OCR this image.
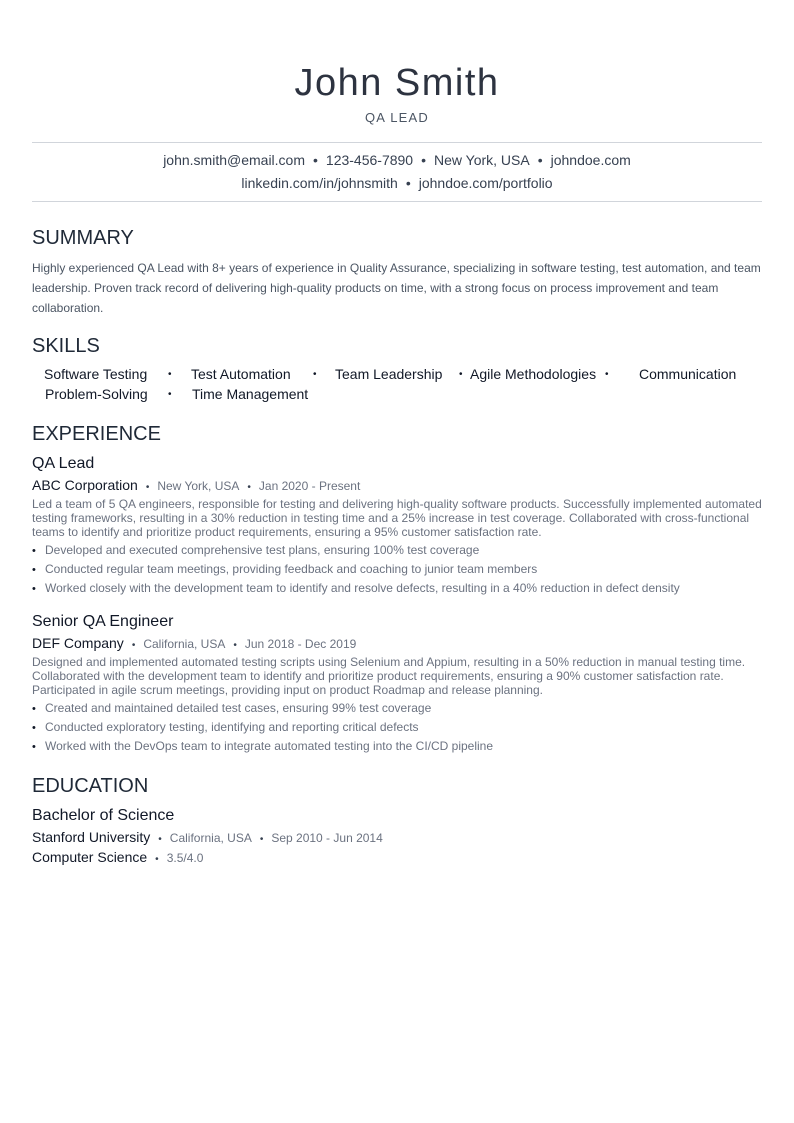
John Smith
QA LEAD
john.smith@email.com • 123-456-7890 • New York, USA • johndoe.com
linkedin.com/in/johnsmith • johndoe.com/portfolio
SUMMARY
Highly experienced QA Lead with 8+ years of experience in Quality Assurance, specializing in software testing, test automation, and team leadership. Proven track record of delivering high-quality products on time, with a strong focus on process improvement and team collaboration.
SKILLS
Software Testing • Test Automation • Team Leadership • Agile Methodologies • Communication
Problem-Solving • Time Management
EXPERIENCE
QA Lead
ABC Corporation • New York, USA • Jan 2020 - Present
Led a team of 5 QA engineers, responsible for testing and delivering high-quality software products. Successfully implemented automated testing frameworks, resulting in a 30% reduction in testing time and a 25% increase in test coverage. Collaborated with cross-functional teams to identify and prioritize product requirements, ensuring a 95% customer satisfaction rate.
• Developed and executed comprehensive test plans, ensuring 100% test coverage
• Conducted regular team meetings, providing feedback and coaching to junior team members
• Worked closely with the development team to identify and resolve defects, resulting in a 40% reduction in defect density
Senior QA Engineer
DEF Company • California, USA • Jun 2018 - Dec 2019
Designed and implemented automated testing scripts using Selenium and Appium, resulting in a 50% reduction in manual testing time. Collaborated with the development team to identify and prioritize product requirements, ensuring a 90% customer satisfaction rate. Participated in agile scrum meetings, providing input on product Roadmap and release planning.
• Created and maintained detailed test cases, ensuring 99% test coverage
• Conducted exploratory testing, identifying and reporting critical defects
• Worked with the DevOps team to integrate automated testing into the CI/CD pipeline
EDUCATION
Bachelor of Science
Stanford University • California, USA • Sep 2010 - Jun 2014
Computer Science • 3.5/4.0
